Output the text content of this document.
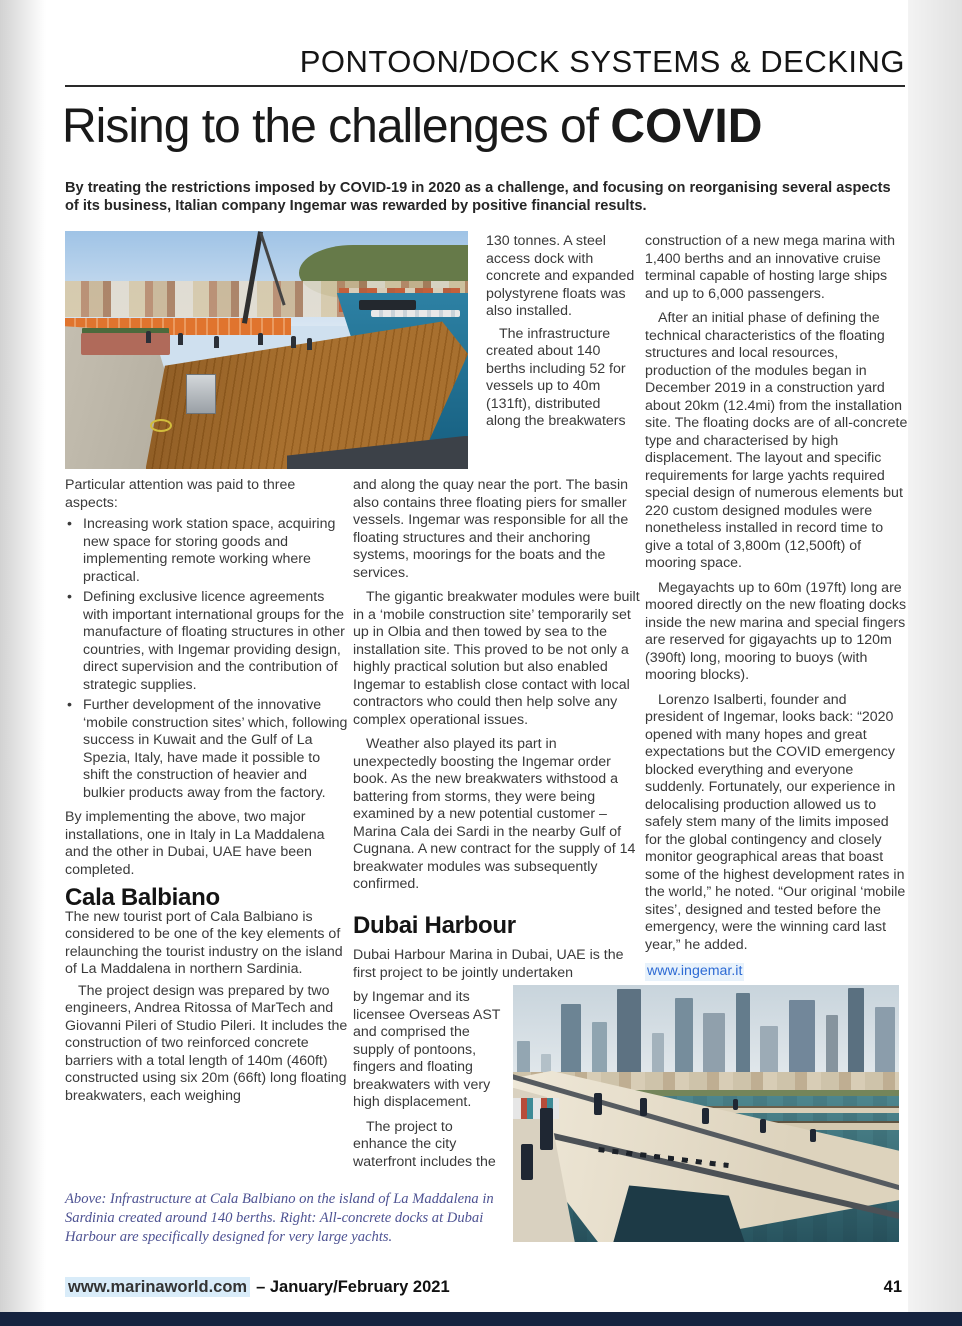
PONTOON/DOCK SYSTEMS & DECKING
Rising to the challenges of COVID
By treating the restrictions imposed by COVID-19 in 2020 as a challenge, and focusing on reorganising several aspects of its business, Italian company Ingemar was rewarded by positive financial results.
Particular attention was paid to three aspects:
• Increasing work station space, acquiring new space for storing goods and implementing remote working where practical.
• Defining exclusive licence agreements with important international groups for the manufacture of floating structures in other countries, with Ingemar providing design, direct supervision and the contribution of strategic supplies.
• Further development of the innovative ‘mobile construction sites’ which, following success in Kuwait and the Gulf of La Spezia, Italy, have made it possible to shift the construction of heavier and bulkier products away from the factory.
By implementing the above, two major installations, one in Italy in La Maddalena and the other in Dubai, UAE have been completed.
Cala Balbiano
The new tourist port of Cala Balbiano is considered to be one of the key elements of relaunching the tourist industry on the island of La Maddalena in northern Sardinia.
The project design was prepared by two engineers, Andrea Ritossa of MarTech and Giovanni Pileri of Studio Pileri. It includes the construction of two reinforced concrete barriers with a total length of 140m (460ft) constructed using six 20m (66ft) long floating breakwaters, each weighing
130 tonnes. A steel access dock with concrete and expanded polystyrene floats was also installed.
The infrastructure created about 140 berths including 52 for vessels up to 40m (131ft), distributed along the breakwaters
and along the quay near the port. The basin also contains three floating piers for smaller vessels. Ingemar was responsible for all the floating structures and their anchoring systems, moorings for the boats and the services.
The gigantic breakwater modules were built in a ‘mobile construction site’ temporarily set up in Olbia and then towed by sea to the installation site. This proved to be not only a highly practical solution but also enabled Ingemar to establish close contact with local contractors who could then help solve any complex operational issues.
Weather also played its part in unexpectedly boosting the Ingemar order book. As the new breakwaters withstood a battering from storms, they were being examined by a new potential customer – Marina Cala dei Sardi in the nearby Gulf of Cugnana. A new contract for the supply of 14 breakwater modules was subsequently confirmed.
Dubai Harbour
Dubai Harbour Marina in Dubai, UAE is the first project to be jointly undertaken
by Ingemar and its licensee Overseas AST and comprised the supply of pontoons, fingers and floating breakwaters with very high displacement.
The project to enhance the city waterfront includes the
construction of a new mega marina with 1,400 berths and an innovative cruise terminal capable of hosting large ships and up to 6,000 passengers.
After an initial phase of defining the technical characteristics of the floating structures and local resources, production of the modules began in December 2019 in a construction yard about 20km (12.4mi) from the installation site. The floating docks are of all-concrete type and characterised by high displacement. The layout and specific requirements for large yachts required special design of numerous elements but 220 custom designed modules were nonetheless installed in record time to give a total of 3,800m (12,500ft) of mooring space.
Megayachts up to 60m (197ft) long are moored directly on the new floating docks inside the new marina and special fingers are reserved for gigayachts up to 120m (390ft) long, mooring to buoys (with mooring blocks).
Lorenzo Isalberti, founder and president of Ingemar, looks back: “2020 opened with many hopes and great expectations but the COVID emergency blocked everything and everyone suddenly. Fortunately, our experience in delocalising production allowed us to safely stem many of the limits imposed for the global contingency and closely monitor geographical areas that boast some of the highest development rates in the world,” he noted. “Our original ‘mobile sites’, designed and tested before the emergency, were the winning card last year,” he added.
www.ingemar.it
Above: Infrastructure at Cala Balbiano on the island of La Maddalena in Sardinia created around 140 berths. Right: All-concrete docks at Dubai Harbour are specifically designed for very large yachts.
www.marinaworld.com – January/February 2021	41
